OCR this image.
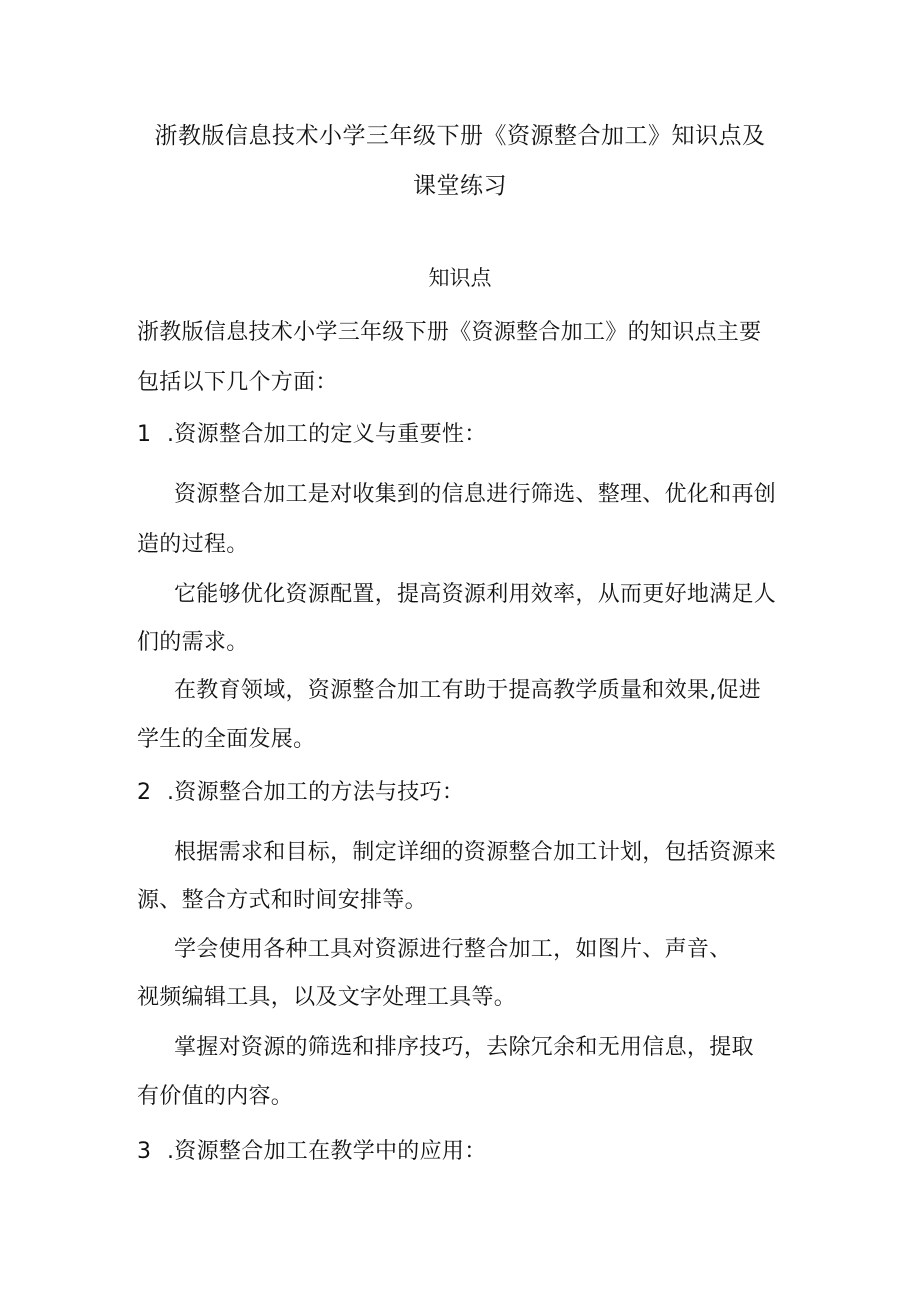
浙教版信息技术小学三年级下册《资源整合加工》知识点及
课堂练习
知识点
浙教版信息技术小学三年级下册《资源整合加工》的知识点主要
包括以下几个方面：
1 .资源整合加工的定义与重要性：
资源整合加工是对收集到的信息进行筛选、整理、优化和再创
造的过程。
它能够优化资源配置，提高资源利用效率，从而更好地满足人
们的需求。
在教育领域，资源整合加工有助于提高教学质量和效果,促进
学生的全面发展。
2 .资源整合加工的方法与技巧：
根据需求和目标，制定详细的资源整合加工计划，包括资源来
源、整合方式和时间安排等。
学会使用各种工具对资源进行整合加工，如图片、声音、
视频编辑工具，以及文字处理工具等。
掌握对资源的筛选和排序技巧，去除冗余和无用信息，提取
有价值的内容。
3 .资源整合加工在教学中的应用：
